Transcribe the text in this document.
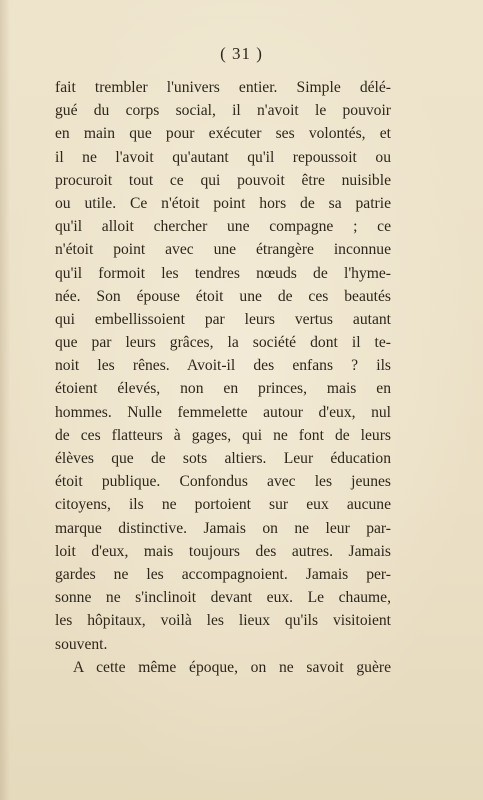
( 31 )
fait trembler l'univers entier. Simple délé-
gué du corps social, il n'avoit le pouvoir
en main que pour exécuter ses volontés, et
il ne l'avoit qu'autant qu'il repoussoit ou
procuroit tout ce qui pouvoit être nuisible
ou utile. Ce n'étoit point hors de sa patrie
qu'il alloit chercher une compagne ; ce
n'étoit point avec une étrangère inconnue
qu'il formoit les tendres nœuds de l'hyme-
née. Son épouse étoit une de ces beautés
qui embellissoient par leurs vertus autant
que par leurs grâces, la société dont il te-
noit les rênes. Avoit-il des enfans ? ils
étoient élevés, non en princes, mais en
hommes. Nulle femmelette autour d'eux, nul
de ces flatteurs à gages, qui ne font de leurs
élèves que de sots altiers. Leur éducation
étoit publique. Confondus avec les jeunes
citoyens, ils ne portoient sur eux aucune
marque distinctive. Jamais on ne leur par-
loit d'eux, mais toujours des autres. Jamais
gardes ne les accompagnoient. Jamais per-
sonne ne s'inclinoit devant eux. Le chaume,
les hôpitaux, voilà les lieux qu'ils visitoient
souvent.
A cette même époque, on ne savoit guère
